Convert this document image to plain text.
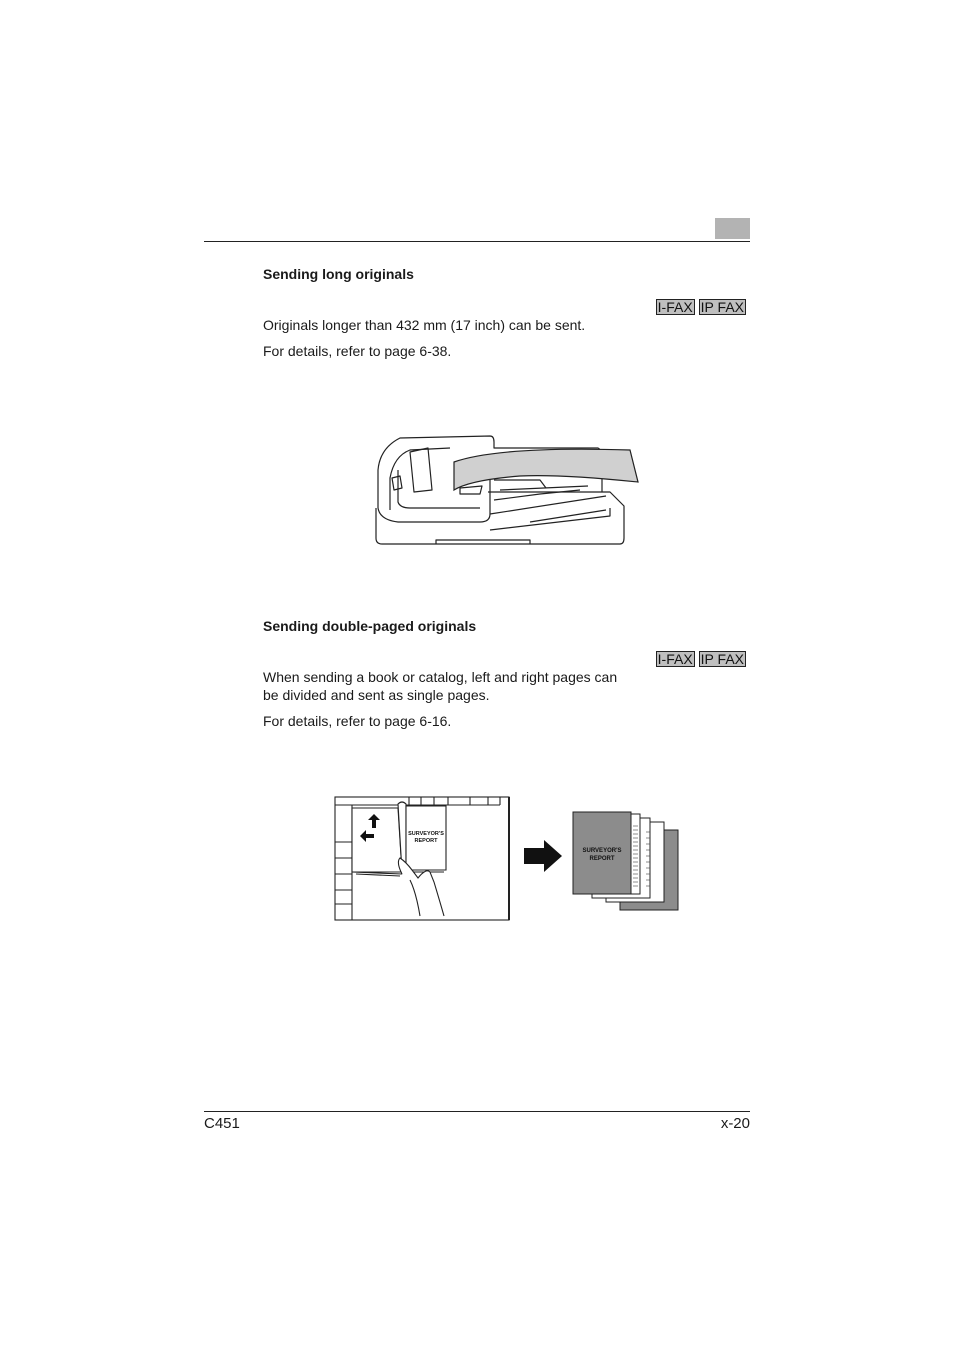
Sending long originals
I-FAX IP FAX
Originals longer than 432 mm (17 inch) can be sent.
For details, refer to page 6-38.
Sending double-paged originals
I-FAX IP FAX
When sending a book or catalog, left and right pages can
be divided and sent as single pages.
For details, refer to page 6-16.
SURVEYOR'S
REPORT
SURVEYOR'S
REPORT
C451	x-20
